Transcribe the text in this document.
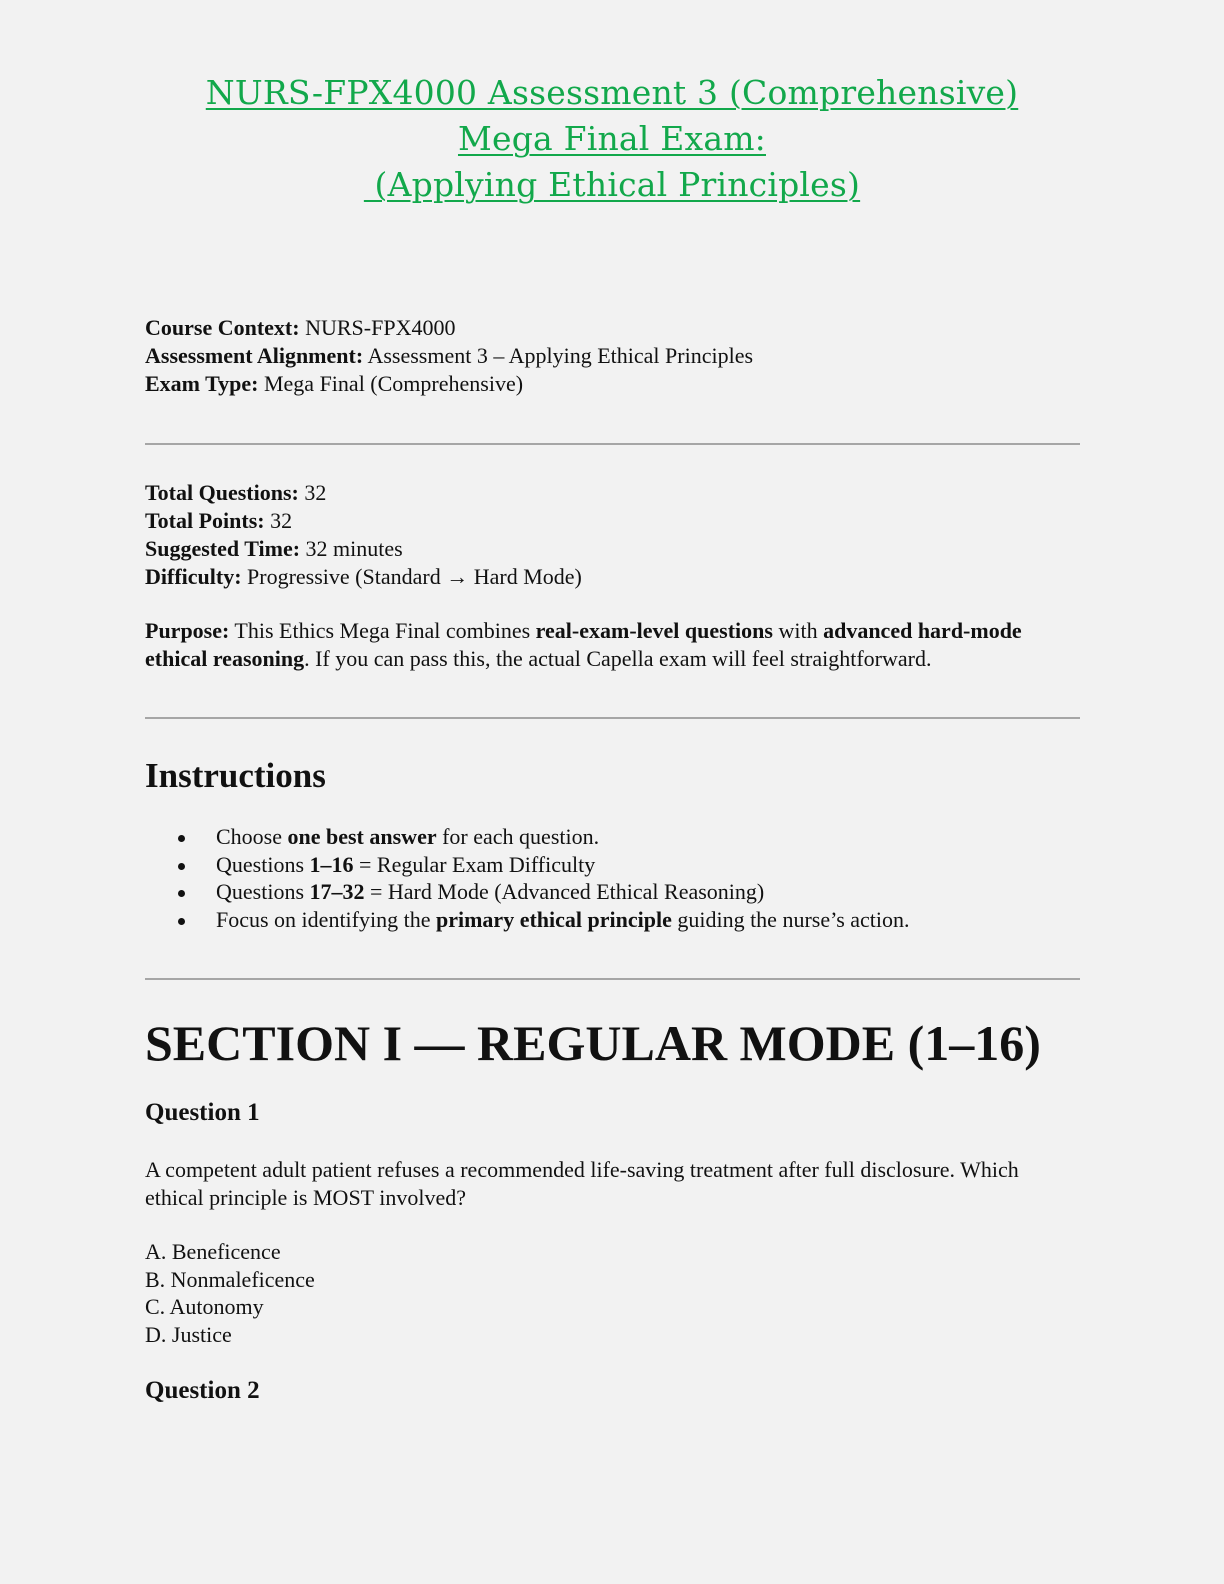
NURS-FPX4000 Assessment 3 (Comprehensive)
Mega Final Exam:
(Applying Ethical Principles)
Course Context: NURS-FPX4000
Assessment Alignment: Assessment 3 – Applying Ethical Principles
Exam Type: Mega Final (Comprehensive)
Total Questions: 32
Total Points: 32
Suggested Time: 32 minutes
Difficulty: Progressive (Standard → Hard Mode)
Purpose: This Ethics Mega Final combines real-exam-level questions with advanced hard-mode ethical reasoning. If you can pass this, the actual Capella exam will feel straightforward.
Instructions
Choose one best answer for each question.
Questions 1–16 = Regular Exam Difficulty
Questions 17–32 = Hard Mode (Advanced Ethical Reasoning)
Focus on identifying the primary ethical principle guiding the nurse’s action.
SECTION I — REGULAR MODE (1–16)
Question 1
A competent adult patient refuses a recommended life-saving treatment after full disclosure. Which ethical principle is MOST involved?
A. Beneficence
B. Nonmaleficence
C. Autonomy
D. Justice
Question 2
